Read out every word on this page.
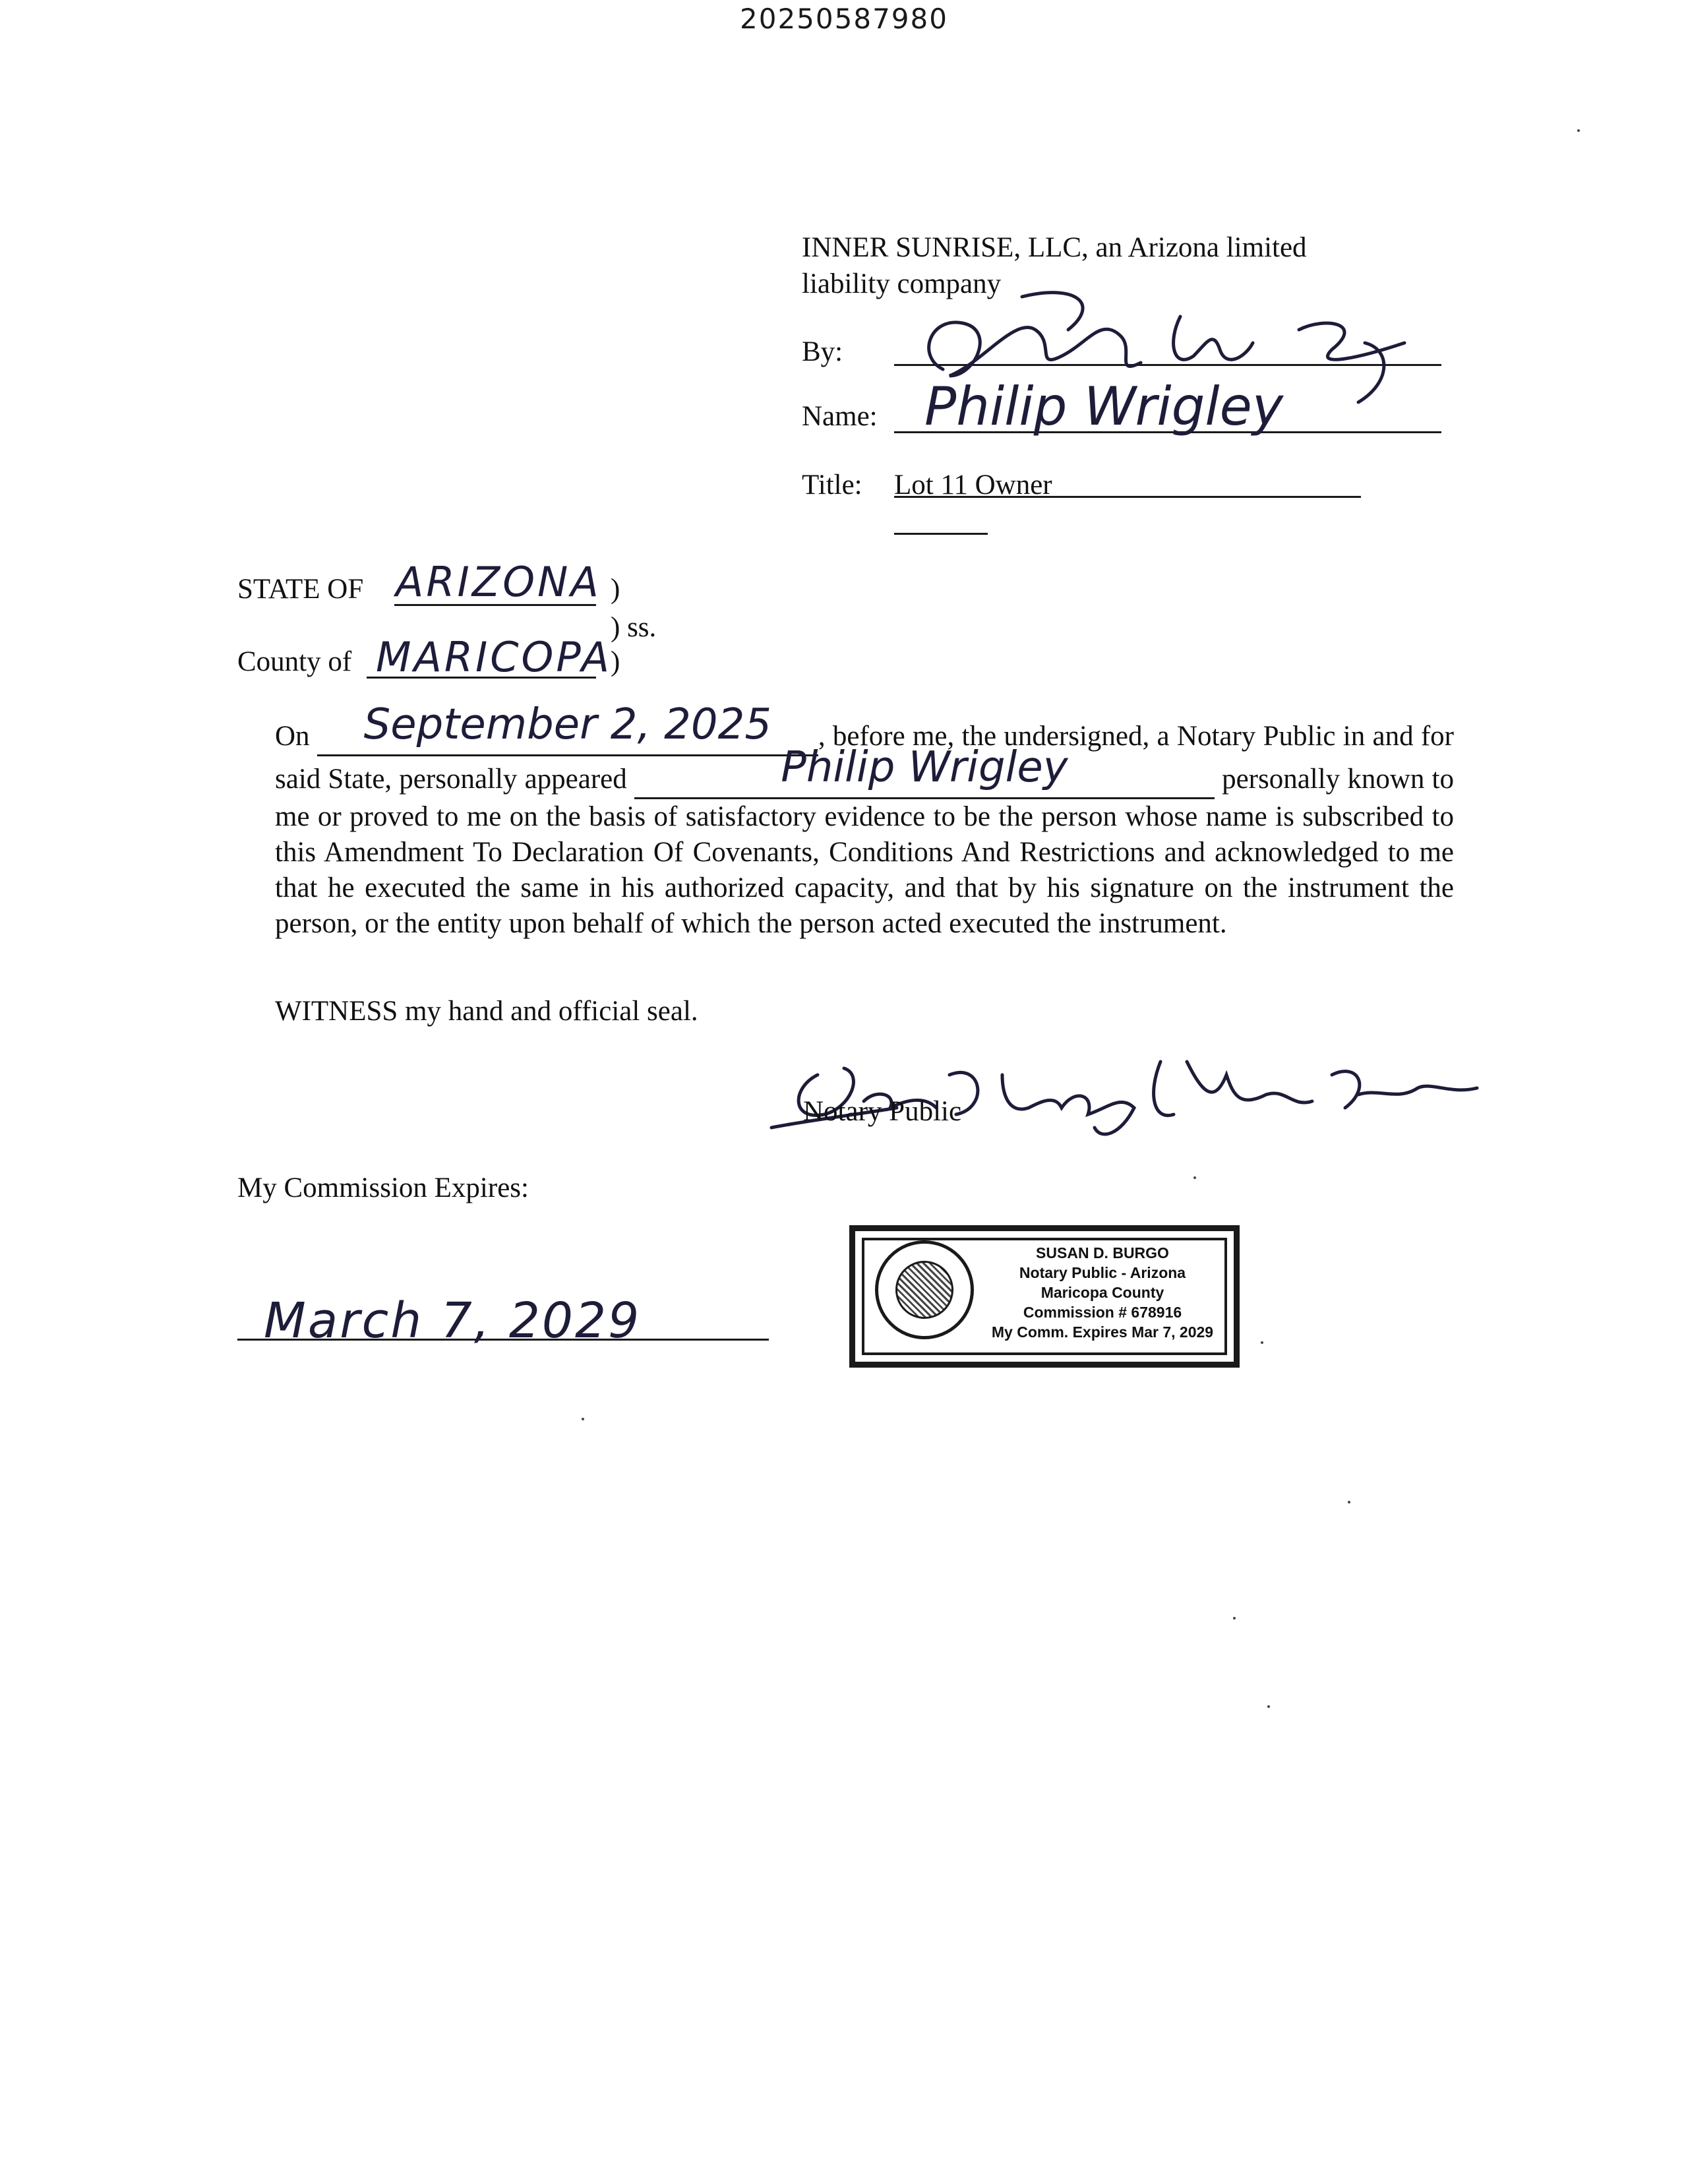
20250587980
INNER SUNRISE, LLC, an Arizona limited
liability company
By:
Name: Philip Wrigley
Title: Lot 11 Owner
STATE OF ARIZONA )
) ss.
County of MARICOPA
)
On September 2, 2025 , before me, the undersigned, a Notary Public in and for said State, personally appeared	Philip Wrigley	personally known to me or proved to me on the basis of satisfactory evidence to be the person whose name is subscribed to this Amendment To Declaration Of Covenants, Conditions And Restrictions and acknowledged to me that he executed the same in his authorized capacity, and that by his signature on the instrument the person, or the entity upon behalf of which the person acted executed the instrument.
WITNESS my hand and official seal.
Notary Public
My Commission Expires:
March 7, 2029
SUSAN D. BURGO
Notary Public - Arizona
Maricopa County
Commission # 678916
My Comm. Expires Mar 7, 2029
